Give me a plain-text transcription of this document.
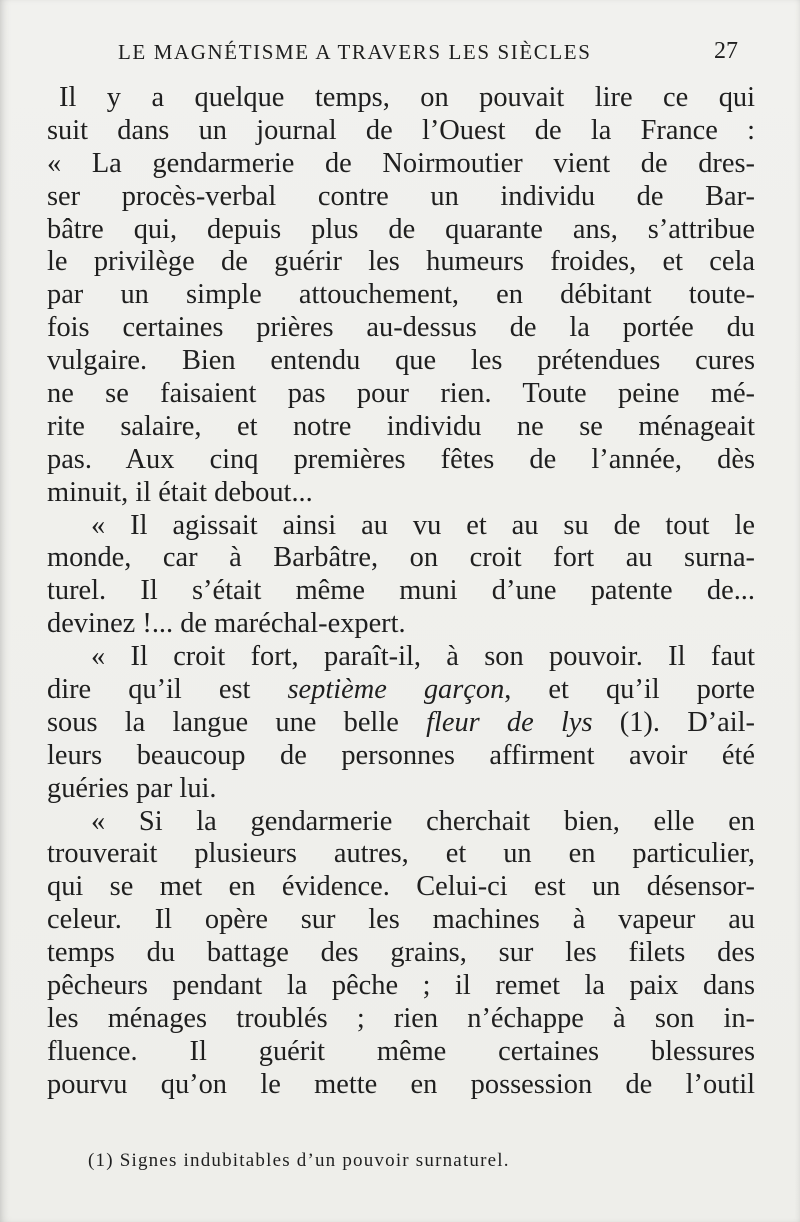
LE MAGNÉTISME A TRAVERS LES SIÈCLES	27
Il y a quelque temps, on pouvait lire ce qui
suit dans un journal de l’Ouest de la France :
« La gendarmerie de Noirmoutier vient de dres-
ser procès-verbal contre un individu de Bar-
bâtre qui, depuis plus de quarante ans, s’attribue
le privilège de guérir les humeurs froides, et cela
par un simple attouchement, en débitant toute-
fois certaines prières au-dessus de la portée du
vulgaire. Bien entendu que les prétendues cures
ne se faisaient pas pour rien. Toute peine mé-
rite salaire, et notre individu ne se ménageait
pas. Aux cinq premières fêtes de l’année, dès
minuit, il était debout...
« Il agissait ainsi au vu et au su de tout le
monde, car à Barbâtre, on croit fort au surna-
turel. Il s’était même muni d’une patente de...
devinez !... de maréchal-expert.
« Il croit fort, paraît-il, à son pouvoir. Il faut
dire qu’il est septième garçon, et qu’il porte
sous la langue une belle fleur de lys (1). D’ail-
leurs beaucoup de personnes affirment avoir été
guéries par lui.
« Si la gendarmerie cherchait bien, elle en
trouverait plusieurs autres, et un en particulier,
qui se met en évidence. Celui-ci est un désensor-
celeur. Il opère sur les machines à vapeur au
temps du battage des grains, sur les filets des
pêcheurs pendant la pêche ; il remet la paix dans
les ménages troublés ; rien n’échappe à son in-
fluence. Il guérit même certaines blessures
pourvu qu’on le mette en possession de l’outil
(1) Signes indubitables d’un pouvoir surnaturel.
